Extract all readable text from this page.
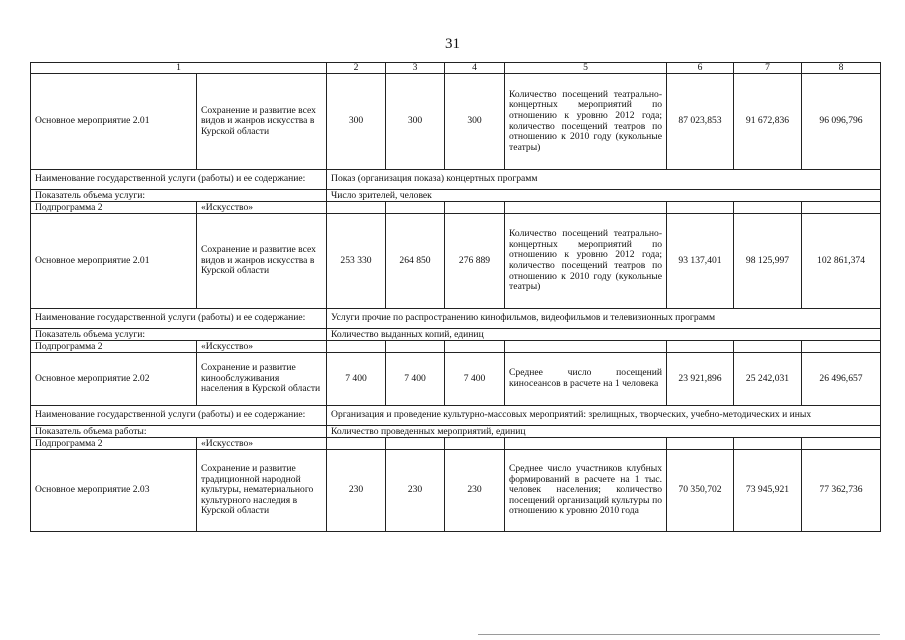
31
1		2	3	4	5	6	7	8
Основное мероприятие 2.01	Сохранение и развитие всех видов и жанров искусства в Курской области	300	300	300	Количество посещений театрально-концертных мероприятий по отношению к уровню 2012 года; количество посещений театров по отношению к 2010 году (кукольные театры)	87 023,853	91 672,836	96 096,796
Наименование государственной услуги (работы) и ее содержание:		Показ (организация показа) концертных программ						
Показатель объема услуги:		Число зрителей, человек						
Подпрограмма 2	«Искусство»							
Основное мероприятие 2.01	Сохранение и развитие всех видов и жанров искусства в Курской области	253 330	264 850	276 889	Количество посещений театрально-концертных мероприятий по отношению к уровню 2012 года; количество посещений театров по отношению к 2010 году (кукольные театры)	93 137,401	98 125,997	102 861,374
Наименование государственной услуги (работы) и ее содержание:		Услуги прочие по распространению кинофильмов, видеофильмов и телевизионных программ						
Показатель объема услуги:		Количество выданных копий, единиц						
Подпрограмма 2	«Искусство»							
Основное мероприятие 2.02	Сохранение и развитие кинообслуживания населения в Курской области	7 400	7 400	7 400	Среднее число посещений киносеансов в расчете на 1 человека	23 921,896	25 242,031	26 496,657
Наименование государственной услуги (работы) и ее содержание:		Организация и проведение культурно-массовых мероприятий: зрелищных, творческих, учебно-методических и иных						
Показатель объема работы:		Количество проведенных мероприятий, единиц						
Подпрограмма 2	«Искусство»							
Основное мероприятие 2.03	Сохранение и развитие традиционной народной культуры, нематериального культурного наследия в Курской области	230	230	230	Среднее число участников клубных формирований в расчете на 1 тыс. человек населения; количество посещений организаций культуры по отношению к уровню 2010 года	70 350,702	73 945,921	77 362,736
